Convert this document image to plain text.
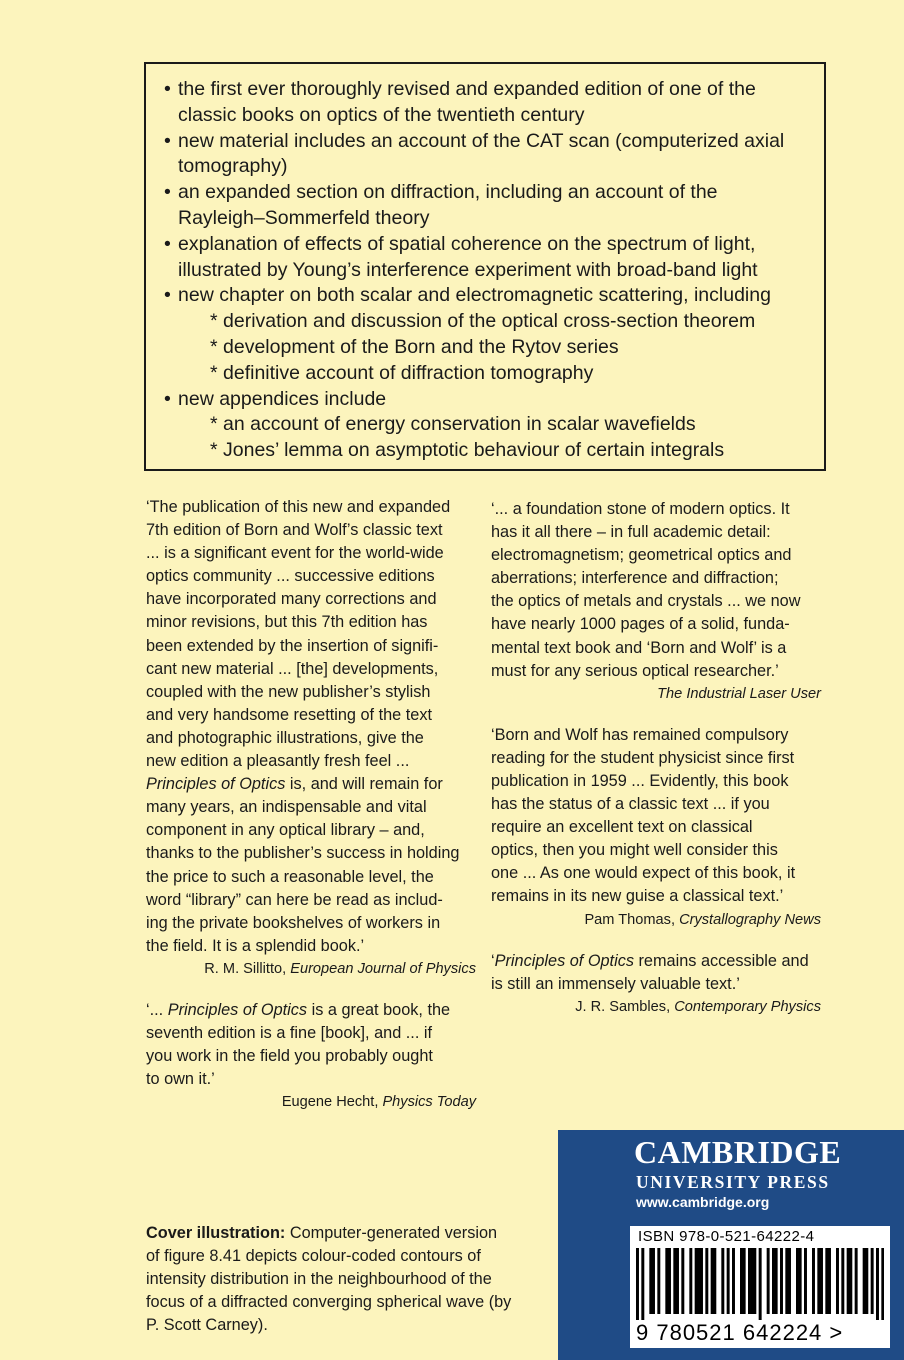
• the first ever thoroughly revised and expanded edition of one of the
classic books on optics of the twentieth century
• new material includes an account of the CAT scan (computerized axial
tomography)
• an expanded section on diffraction, including an account of the
Rayleigh–Sommerfeld theory
• explanation of effects of spatial coherence on the spectrum of light,
illustrated by Young’s interference experiment with broad-band light
• new chapter on both scalar and electromagnetic scattering, including
* derivation and discussion of the optical cross-section theorem
* development of the Born and the Rytov series
* definitive account of diffraction tomography
• new appendices include
* an account of energy conservation in scalar wavefields
* Jones’ lemma on asymptotic behaviour of certain integrals
‘The publication of this new and expanded
7th edition of Born and Wolf’s classic text
... is a significant event for the world-wide
optics community ... successive editions
have incorporated many corrections and
minor revisions, but this 7th edition has
been extended by the insertion of signifi-
cant new material ... [the] developments,
coupled with the new publisher’s stylish
and very handsome resetting of the text
and photographic illustrations, give the
new edition a pleasantly fresh feel ...
Principles of Optics is, and will remain for
many years, an indispensable and vital
component in any optical library – and,
thanks to the publisher’s success in holding
the price to such a reasonable level, the
word “library” can here be read as includ-
ing the private bookshelves of workers in
the field. It is a splendid book.’
R. M. Sillitto, European Journal of Physics
‘... Principles of Optics is a great book, the
seventh edition is a fine [book], and ... if
you work in the field you probably ought
to own it.’
Eugene Hecht, Physics Today
‘... a foundation stone of modern optics. It
has it all there – in full academic detail:
electromagnetism; geometrical optics and
aberrations; interference and diffraction;
the optics of metals and crystals ... we now
have nearly 1000 pages of a solid, funda-
mental text book and ‘Born and Wolf’ is a
must for any serious optical researcher.’
The Industrial Laser User
‘Born and Wolf has remained compulsory
reading for the student physicist since first
publication in 1959 ... Evidently, this book
has the status of a classic text ... if you
require an excellent text on classical
optics, then you might well consider this
one ... As one would expect of this book, it
remains in its new guise a classical text.’
Pam Thomas, Crystallography News
‘Principles of Optics remains accessible and
is still an immensely valuable text.’
J. R. Sambles, Contemporary Physics
Cover illustration: Computer-generated version
of figure 8.41 depicts colour-coded contours of
intensity distribution in the neighbourhood of the
focus of a diffracted converging spherical wave (by
P. Scott Carney).
CAMBRIDGE
UNIVERSITY PRESS
www.cambridge.org
ISBN 978-0-521-64222-4
9 780521 642224 >
